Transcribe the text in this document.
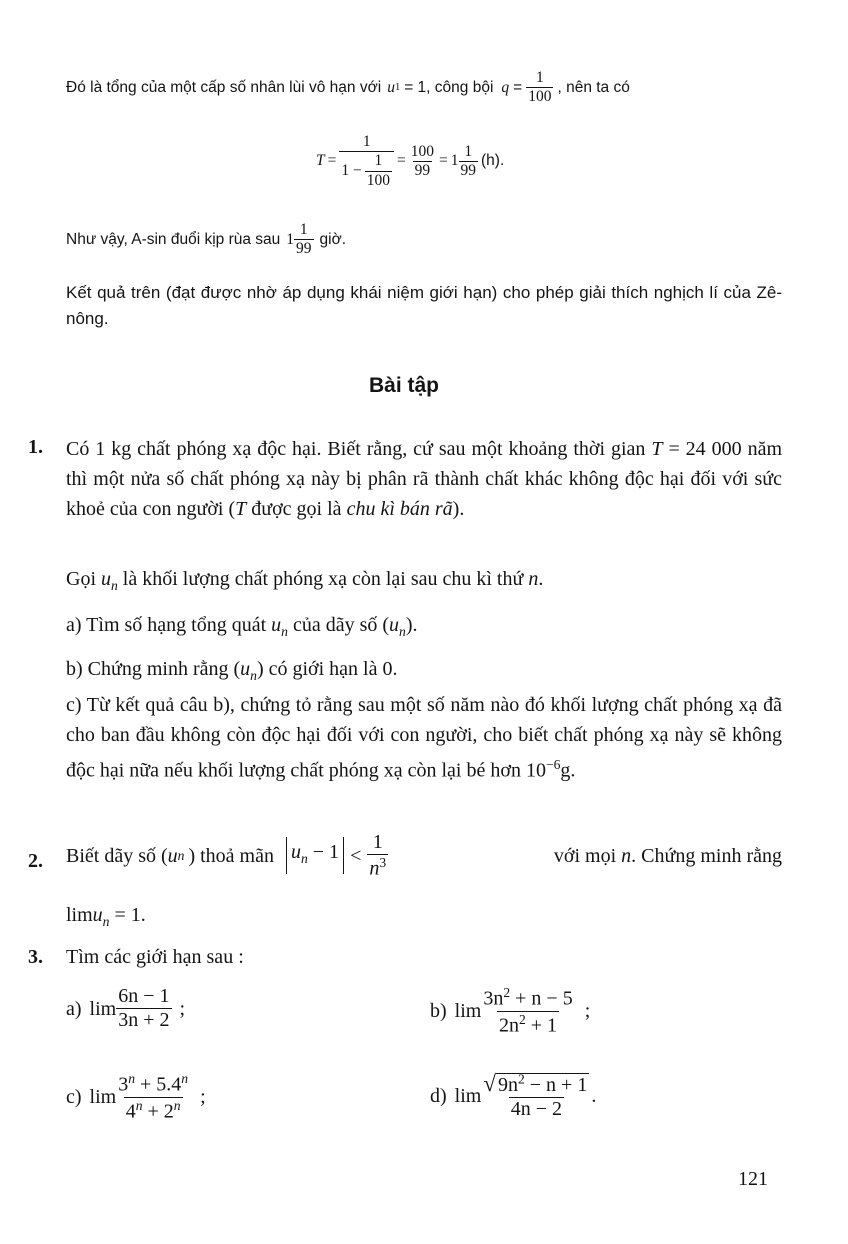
Đó là tổng của một cấp số nhân lùi vô hạn với u 1 = 1, công bội $q = \frac{1}{100}$ , nên ta có
$T = \frac{1}{1 - \frac{1}{100}} = \frac{100}{99} = 1 \frac{1}{99} (h)$.
Như vậy, A-sin đuổi kịp rùa sau $1 \frac{1}{99}$ giờ.
Kết quả trên (đạt được nhờ áp dụng khái niệm giới hạn) cho phép giải thích nghịch lí của Zê-nông.
Bài tập
1. Có 1 kg chất phóng xạ độc hại. Biết rằng, cứ sau một khoảng thời gian T = 24 000 năm thì một nửa số chất phóng xạ này bị phân rã thành chất khác không độc hại đối với sức khoẻ của con người (T được gọi là chu kì bán rã).
Gọi $u_n$ là khối lượng chất phóng xạ còn lại sau chu kì thứ n.
a) Tìm số hạng tổng quát $u_n$ của dãy số $(u_n)$.
b) Chứng minh rằng $(u_n)$ có giới hạn là 0.
c) Từ kết quả câu b), chứng tỏ rằng sau một số năm nào đó khối lượng chất phóng xạ đã cho ban đầu không còn độc hại đối với con người, cho biết chất phóng xạ này sẽ không độc hại nữa nếu khối lượng chất phóng xạ còn lại bé hơn $10^{-6}g$.
2. Biết dãy số ( u n ) thoả mãn $u_n - 1 < \frac{1}{n^3}$	với mọi n. Chứng minh rằng
limu$_n$ = 1.
3. Tìm các giới hạn sau :
a) $\lim \frac{6n - 1}{3n + 2}$ ;	b) $\lim \frac{3n^2 + n - 5}{2n^2 + 1}$ ;
c) $\lim \frac{3^n + 5.4^n}{4^n + 2^n}$ ;	d) $\lim \frac{√ 9n^2 - n + 1}{4n - 2}$ .
121
